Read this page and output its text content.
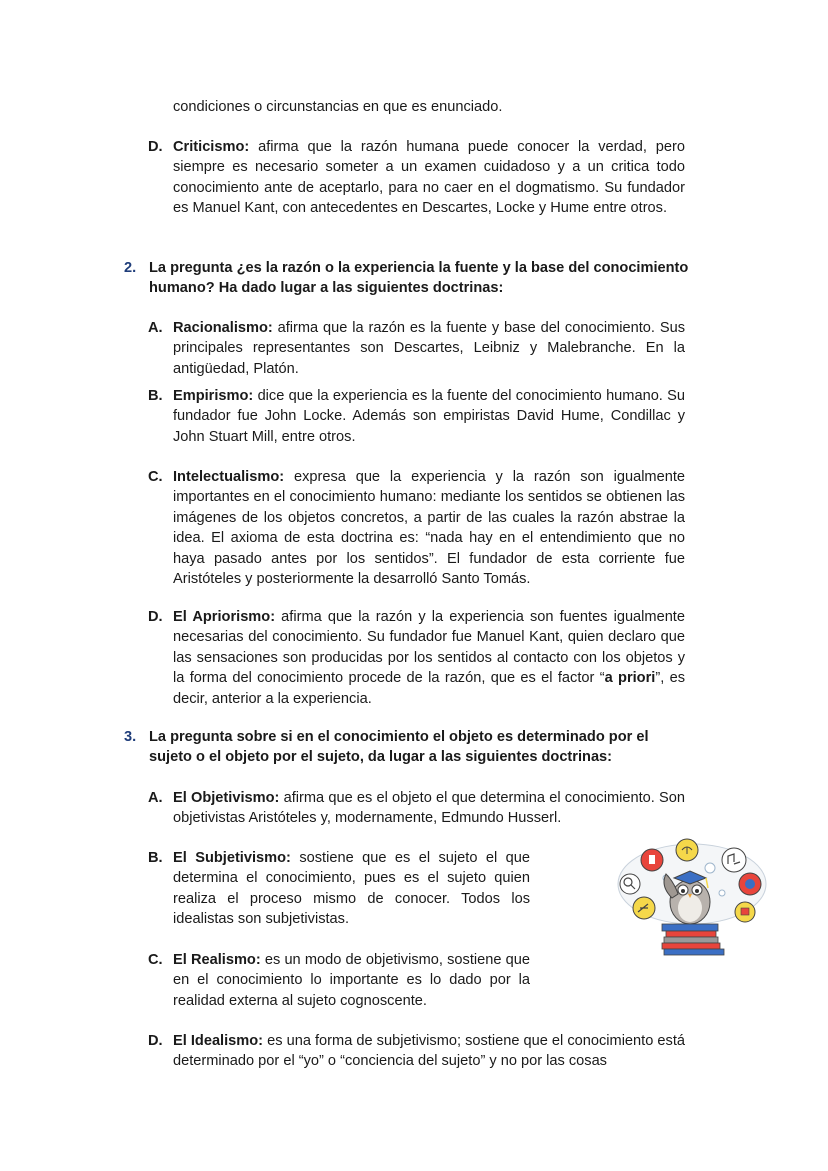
condiciones o circunstancias en que es enunciado.
D. Criticismo: afirma que la razón humana puede conocer la verdad, pero siempre es necesario someter a un examen cuidadoso y a un critica todo conocimiento ante de aceptarlo, para no caer en el dogmatismo. Su fundador es Manuel Kant, con antecedentes en Descartes, Locke y Hume entre otros.
2. La pregunta ¿es la razón o la experiencia la fuente y la base del conocimiento humano? Ha dado lugar a las siguientes doctrinas:
A. Racionalismo: afirma que la razón es la fuente y base del conocimiento. Sus principales representantes son Descartes, Leibniz y Malebranche. En la antigüedad, Platón.
B. Empirismo: dice que la experiencia es la fuente del conocimiento humano. Su fundador fue John Locke. Además son empiristas David Hume, Condillac y John Stuart Mill, entre otros.
C. Intelectualismo: expresa que la experiencia y la razón son igualmente importantes en el conocimiento humano: mediante los sentidos se obtienen las imágenes de los objetos concretos, a partir de las cuales la razón abstrae la idea. El axioma de esta doctrina es: “nada hay en el entendimiento que no haya pasado antes por los sentidos”. El fundador de esta corriente fue Aristóteles y posteriormente la desarrolló Santo Tomás.
D. El Apriorismo: afirma que la razón y la experiencia son fuentes igualmente necesarias del conocimiento. Su fundador fue Manuel Kant, quien declaro que las sensaciones son producidas por los sentidos al contacto con los objetos y la forma del conocimiento procede de la razón, que es el factor “a priori”, es decir, anterior a la experiencia.
3. La pregunta sobre si en el conocimiento el objeto es determinado por el sujeto o el objeto por el sujeto, da lugar a las siguientes doctrinas:
A. El Objetivismo: afirma que es el objeto el que determina el conocimiento. Son objetivistas Aristóteles y, modernamente, Edmundo Husserl.
B. El Subjetivismo: sostiene que es el sujeto el que determina el conocimiento, pues es el sujeto quien realiza el proceso mismo de conocer. Todos los idealistas son subjetivistas.
C. El Realismo: es un modo de objetivismo, sostiene que en el conocimiento lo importante es lo dado por la realidad externa al sujeto cognoscente.
D. El Idealismo: es una forma de subjetivismo; sostiene que el conocimiento está determinado por el “yo” o “conciencia del sujeto” y no por las cosas
